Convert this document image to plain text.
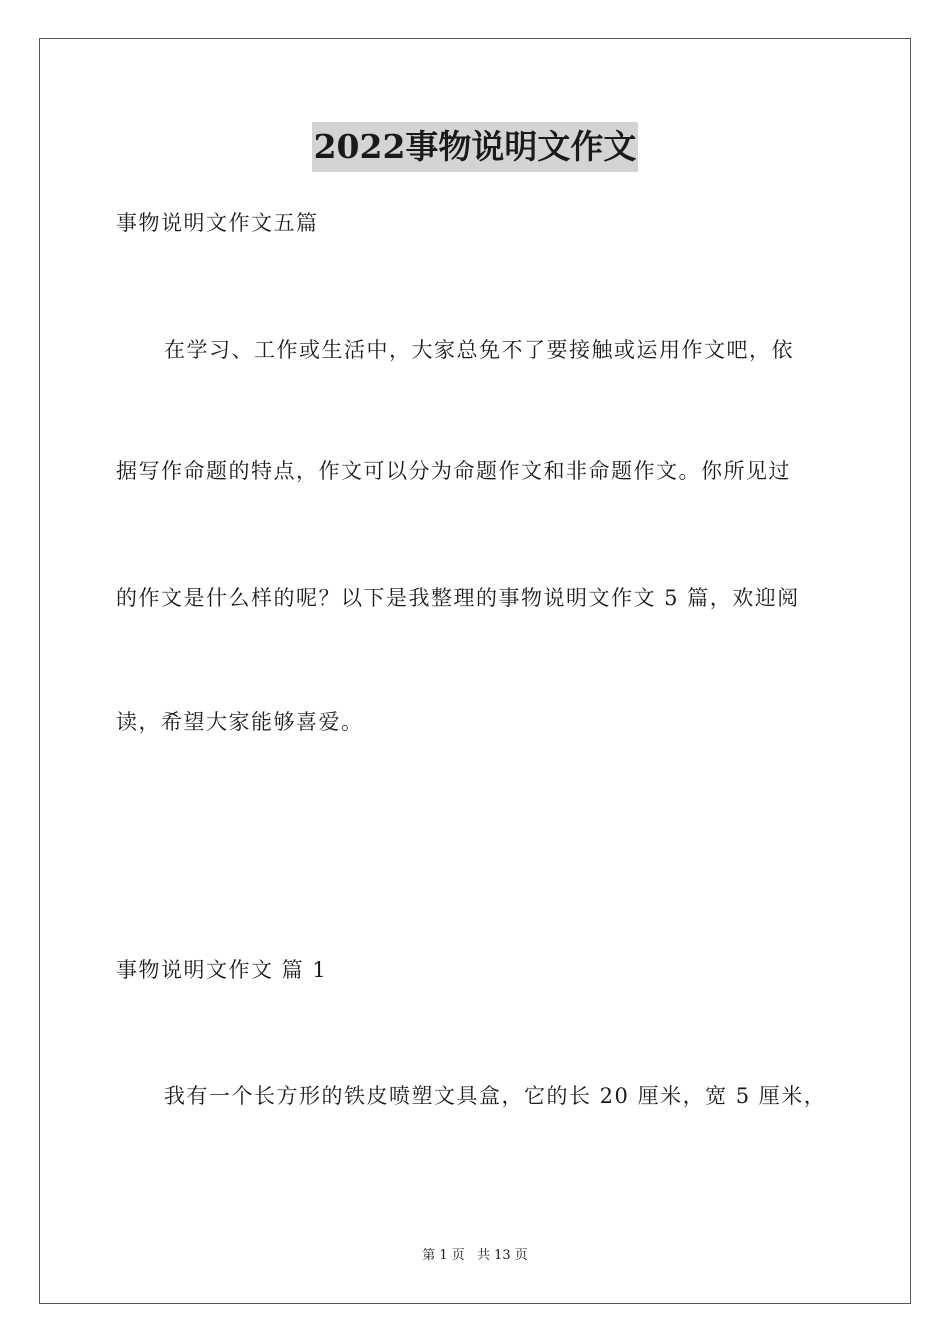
2022事物说明文作文
事物说明文作文五篇
在学习、工作或生活中，大家总免不了要接触或运用作文吧，依
据写作命题的特点，作文可以分为命题作文和非命题作文。你所见过
的作文是什么样的呢？以下是我整理的事物说明文作文 5 篇，欢迎阅
读，希望大家能够喜爱。
事物说明文作文 篇 1
我有一个长方形的铁皮喷塑文具盒，它的长 20 厘米，宽 5 厘米，
第 1 页 共 13 页
